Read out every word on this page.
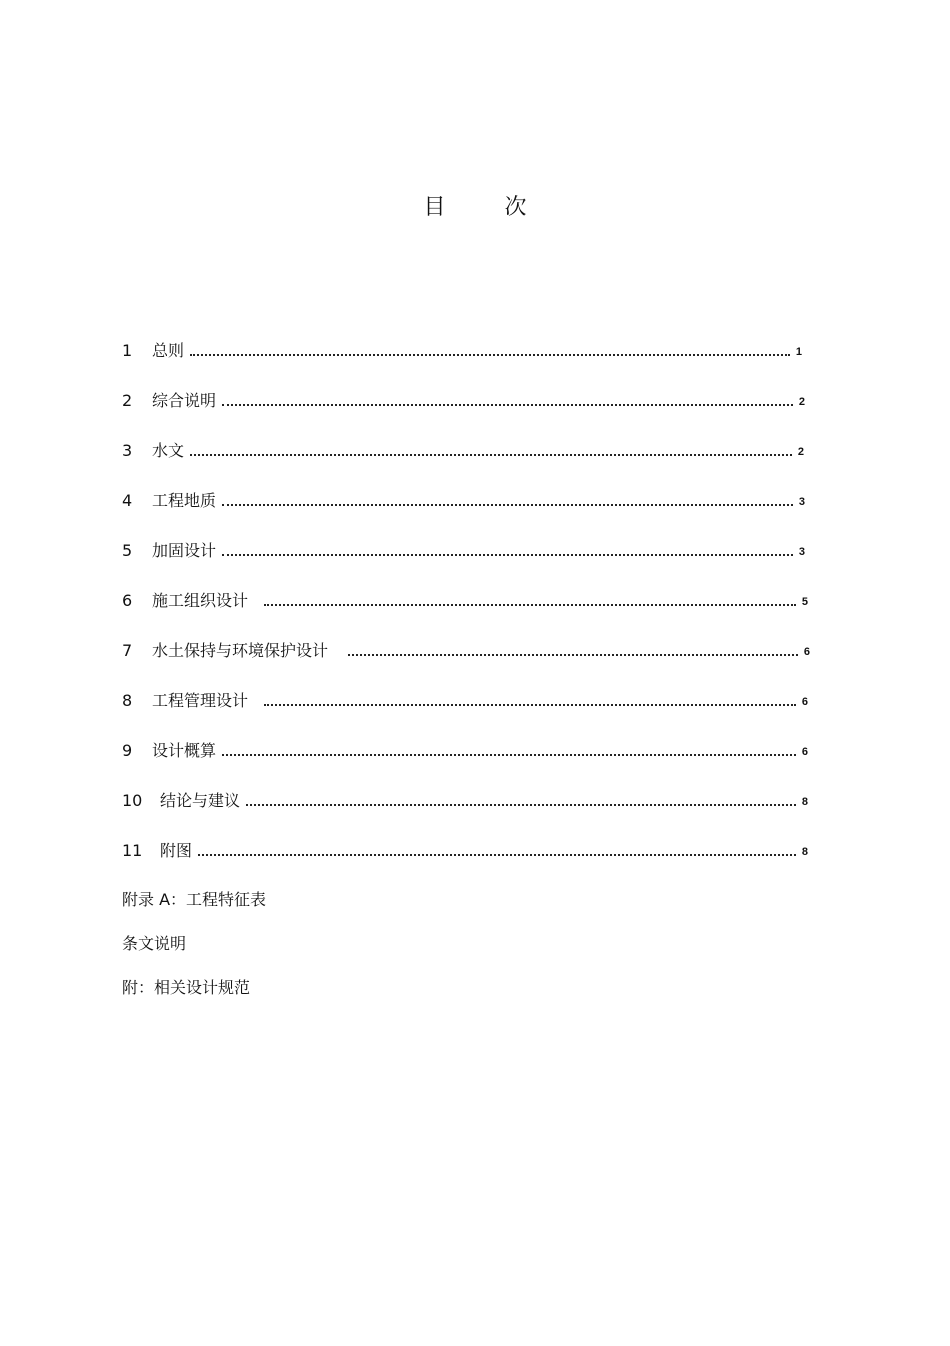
目 次
1	总则	1
2	综合说明	2
3	水文	2
4	工程地质	3
5	加固设计	3
6	施工组织设计	5
7	水土保持与环境保护设计	6
8	工程管理设计	6
9	设计概算	6
10	结论与建议	8
11	附图	8
附录 A：工程特征表
条文说明
附：相关设计规范
